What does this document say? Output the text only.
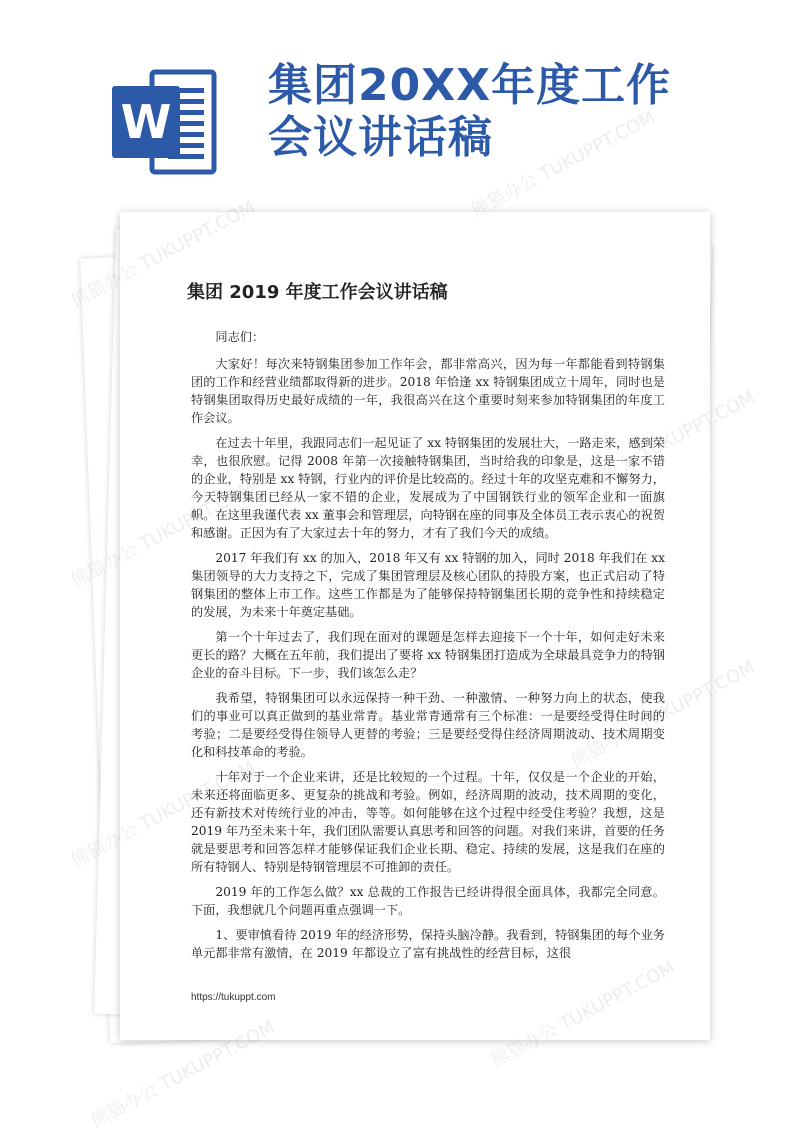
W
集团20XX年度工作会议讲话稿
集团 2019 年度工作会议讲话稿

同志们：

大家好！每次来特钢集团参加工作年会，都非常高兴，因为每一年都能看到特钢集团的工作和经营业绩都取得新的进步。2018 年恰逢 xx 特钢集团成立十周年，同时也是特钢集团取得历史最好成绩的一年，我很高兴在这个重要时刻来参加特钢集团的年度工作会议。

在过去十年里，我跟同志们一起见证了 xx 特钢集团的发展壮大，一路走来，感到荣幸，也很欣慰。记得 2008 年第一次接触特钢集团，当时给我的印象是，这是一家不错的企业，特别是 xx 特钢，行业内的评价是比较高的。经过十年的攻坚克难和不懈努力，今天特钢集团已经从一家不错的企业，发展成为了中国钢铁行业的领军企业和一面旗帜。在这里我谨代表 xx 董事会和管理层，向特钢在座的同事及全体员工表示衷心的祝贺和感谢。正因为有了大家过去十年的努力，才有了我们今天的成绩。

2017 年我们有 xx 的加入，2018 年又有 xx 特钢的加入，同时 2018 年我们在 xx 集团领导的大力支持之下，完成了集团管理层及核心团队的持股方案，也正式启动了特钢集团的整体上市工作。这些工作都是为了能够保持特钢集团长期的竞争性和持续稳定的发展，为未来十年奠定基础。

第一个十年过去了，我们现在面对的课题是怎样去迎接下一个十年，如何走好未来更长的路？大概在五年前，我们提出了要将 xx 特钢集团打造成为全球最具竞争力的特钢企业的奋斗目标。下一步，我们该怎么走？

我希望，特钢集团可以永远保持一种干劲、一种激情、一种努力向上的状态，使我们的事业可以真正做到的基业常青。基业常青通常有三个标准：一是要经受得住时间的考验；二是要经受得住领导人更替的考验；三是要经受得住经济周期波动、技术周期变化和科技革命的考验。

十年对于一个企业来讲，还是比较短的一个过程。十年，仅仅是一个企业的开始，未来还将面临更多、更复杂的挑战和考验。例如，经济周期的波动，技术周期的变化，还有新技术对传统行业的冲击，等等。如何能够在这个过程中经受住考验？我想，这是 2019 年乃至未来十年，我们团队需要认真思考和回答的问题。对我们来讲，首要的任务就是要思考和回答怎样才能够保证我们企业长期、稳定、持续的发展，这是我们在座的所有特钢人、特别是特钢管理层不可推卸的责任。

2019 年的工作怎么做？xx 总裁的工作报告已经讲得很全面具体，我都完全同意。下面，我想就几个问题再重点强调一下。

1、要审慎看待 2019 年的经济形势，保持头脑冷静。我看到，特钢集团的每个业务单元都非常有激情，在 2019 年都设立了富有挑战性的经营目标，这很

https://tukuppt.com
熊猫办公 TUKUPPT.COM
熊猫办公 TUKUPPT.COM
